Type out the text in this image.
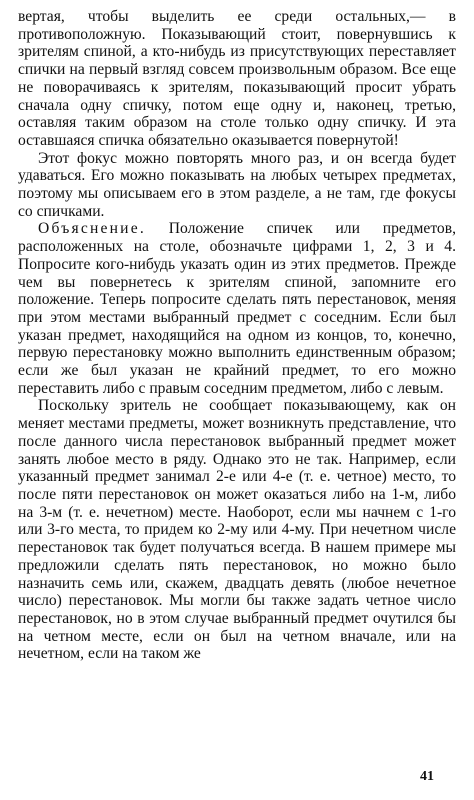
вертая, чтобы выделить ее среди остальных,— в противоположную. Показывающий стоит, повернувшись к зрителям спиной, а кто-нибудь из присутствующих переставляет спички на первый взгляд совсем произвольным образом. Все еще не поворачиваясь к зрителям, показывающий просит убрать сначала одну спичку, потом еще одну и, наконец, третью, оставляя таким образом на столе только одну спичку. И эта оставшаяся спичка обязательно оказывается повернутой!

Этот фокус можно повторять много раз, и он всегда будет удаваться. Его можно показывать на любых четырех предметах, поэтому мы описываем его в этом разделе, а не там, где фокусы со спичками.

Объяснение. Положение спичек или предметов, расположенных на столе, обозначьте цифрами 1, 2, 3 и 4. Попросите кого-нибудь указать один из этих предметов. Прежде чем вы повернетесь к зрителям спиной, запомните его положение. Теперь попросите сделать пять перестановок, меняя при этом местами выбранный предмет с соседним. Если был указан предмет, находящийся на одном из концов, то, конечно, первую перестановку можно выполнить единственным образом; если же был указан не крайний предмет, то его можно переставить либо с правым соседним предметом, либо с левым.

Поскольку зритель не сообщает показывающему, как он меняет местами предметы, может возникнуть представление, что после данного числа перестановок выбранный предмет может занять любое место в ряду. Однако это не так. Например, если указанный предмет занимал 2-е или 4-е (т. е. четное) место, то после пяти перестановок он может оказаться либо на 1-м, либо на 3-м (т. е. нечетном) месте. Наоборот, если мы начнем с 1-го или 3-го места, то придем ко 2-му или 4-му. При нечетном числе перестановок так будет получаться всегда. В нашем примере мы предложили сделать пять перестановок, но можно было назначить семь или, скажем, двадцать девять (любое нечетное число) перестановок. Мы могли бы также задать четное число перестановок, но в этом случае выбранный предмет очутился бы на четном месте, если он был на четном вначале, или на нечетном, если на таком же

41
